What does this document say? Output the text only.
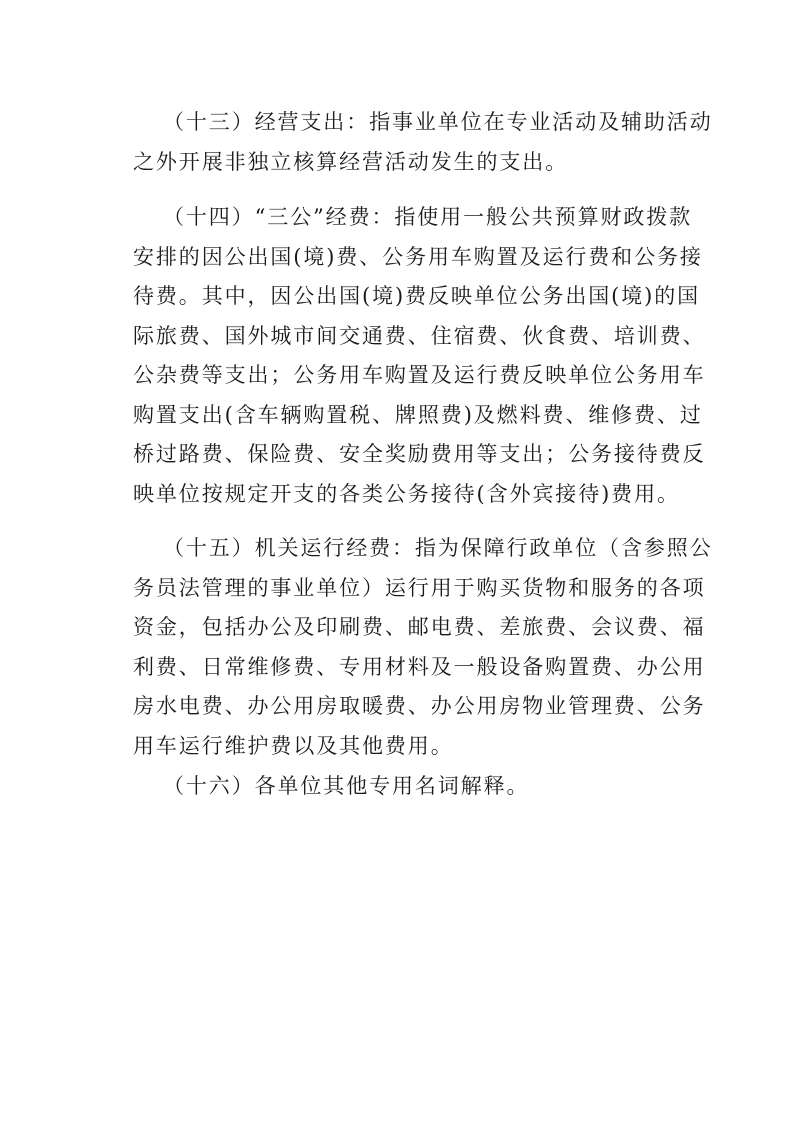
（十三）经营支出：指事业单位在专业活动及辅助活动
之外开展非独立核算经营活动发生的支出。
（十四）“三公”经费：指使用一般公共预算财政拨款
安排的因公出国(境)费、公务用车购置及运行费和公务接
待费。其中，因公出国(境)费反映单位公务出国(境)的国
际旅费、国外城市间交通费、住宿费、伙食费、培训费、
公杂费等支出；公务用车购置及运行费反映单位公务用车
购置支出(含车辆购置税、牌照费)及燃料费、维修费、过
桥过路费、保险费、安全奖励费用等支出；公务接待费反
映单位按规定开支的各类公务接待(含外宾接待)费用。
（十五）机关运行经费：指为保障行政单位（含参照公
务员法管理的事业单位）运行用于购买货物和服务的各项
资金，包括办公及印刷费、邮电费、差旅费、会议费、福
利费、日常维修费、专用材料及一般设备购置费、办公用
房水电费、办公用房取暖费、办公用房物业管理费、公务
用车运行维护费以及其他费用。
（十六）各单位其他专用名词解释。
